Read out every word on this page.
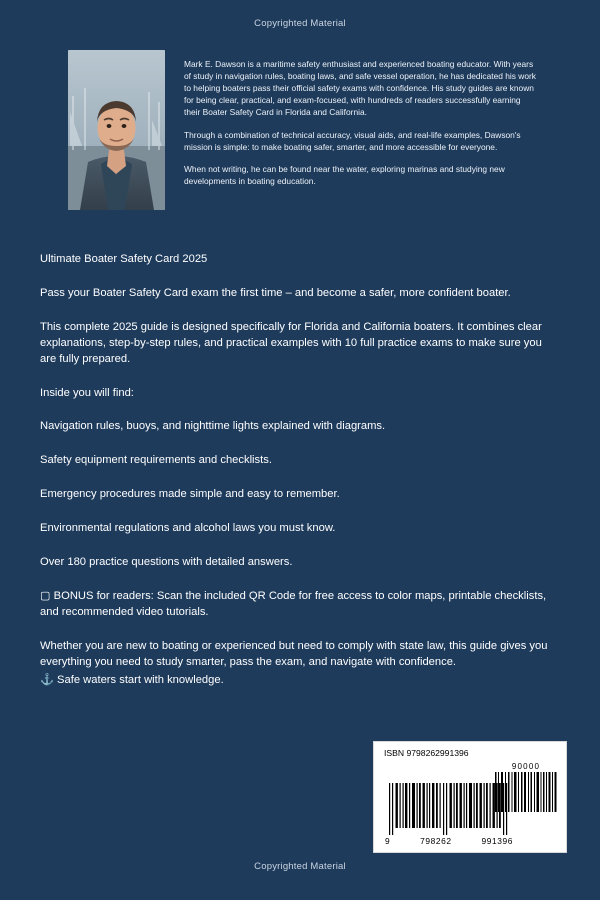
Copyrighted Material

Mark E. Dawson is a maritime safety enthusiast and experienced boating educator. With years of study in navigation rules, boating laws, and safe vessel operation, he has dedicated his work to helping boaters pass their official safety exams with confidence. His study guides are known for being clear, practical, and exam-focused, with hundreds of readers successfully earning their Boater Safety Card in Florida and California.

Through a combination of technical accuracy, visual aids, and real-life examples, Dawson's mission is simple: to make boating safer, smarter, and more accessible for everyone.

When not writing, he can be found near the water, exploring marinas and studying new developments in boating education.

Ultimate Boater Safety Card 2025

Pass your Boater Safety Card exam the first time – and become a safer, more confident boater.

This complete 2025 guide is designed specifically for Florida and California boaters. It combines clear explanations, step-by-step rules, and practical examples with 10 full practice exams to make sure you are fully prepared.

Inside you will find:

Navigation rules, buoys, and nighttime lights explained with diagrams.

Safety equipment requirements and checklists.

Emergency procedures made simple and easy to remember.

Environmental regulations and alcohol laws you must know.

Over 180 practice questions with detailed answers.

▢ BONUS for readers: Scan the included QR Code for free access to color maps, printable checklists, and recommended video tutorials.

Whether you are new to boating or experienced but need to comply with state law, this guide gives you everything you need to study smarter, pass the exam, and navigate with confidence.

⚓ Safe waters start with knowledge.

ISBN 9798262991396
90000
9	798262	991396
Copyrighted Material
